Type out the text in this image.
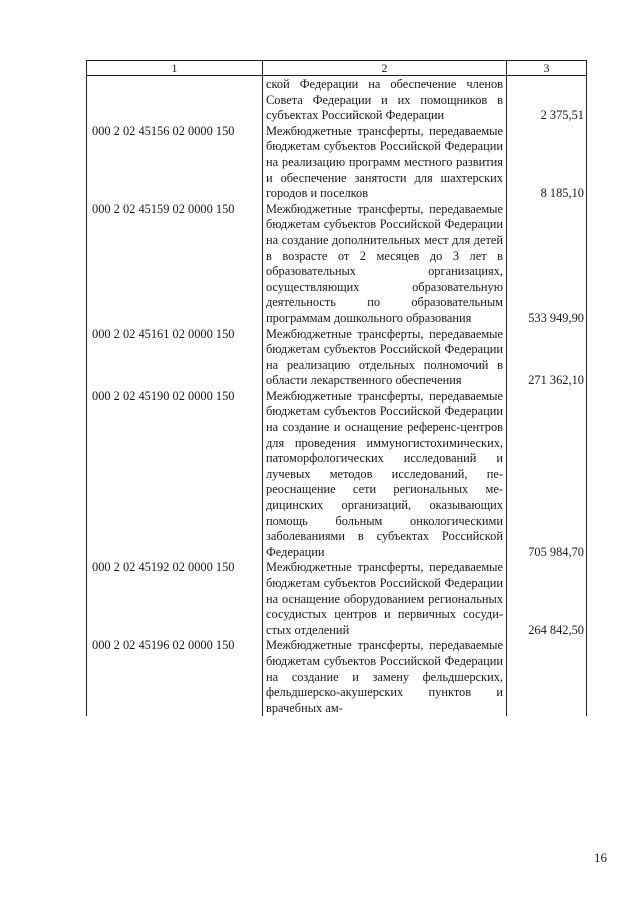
1	2	3
	ской Федерации на обеспечение членов Совета Федерации и их помощников в субъектах Российской Федерации	2 375,51
000 2 02 45156 02 0000 150	Межбюджетные трансферты, передаваемые бюджетам субъектов Российской Федерации на реализацию программ местного развития и обеспечение занятости для шахтерских городов и поселков	8 185,10
000 2 02 45159 02 0000 150	Межбюджетные трансферты, передаваемые бюджетам субъектов Российской Федерации на создание дополнительных мест для детей в возрасте от 2 месяцев до 3 лет в образовательных организациях, осуществляющих образовательную деятельность по образовательным программам дошкольного образования	533 949,90
000 2 02 45161 02 0000 150	Межбюджетные трансферты, передаваемые бюджетам субъектов Российской Федерации на реализацию отдельных полномочий в области лекарственного обеспечения	271 362,10
000 2 02 45190 02 0000 150	Межбюджетные трансферты, передаваемые бюджетам субъектов Российской Федерации на создание и оснащение референс-центров для проведения иммуногистохимических, патоморфологических исследований и лучевых методов исследований, переоснащение сети региональных медицинских организаций, оказывающих помощь больным онкологическими заболеваниями в субъектах Российской Федерации	705 984,70
000 2 02 45192 02 0000 150	Межбюджетные трансферты, передаваемые бюджетам субъектов Российской Федерации на оснащение оборудованием региональных сосудистых центров и первичных сосудистых отделений	264 842,50
000 2 02 45196 02 0000 150	Межбюджетные трансферты, передаваемые бюджетам субъектов Российской Федерации на создание и замену фельдшерских, фельдшерско-акушерских пунктов и врачебных ам-	
16
